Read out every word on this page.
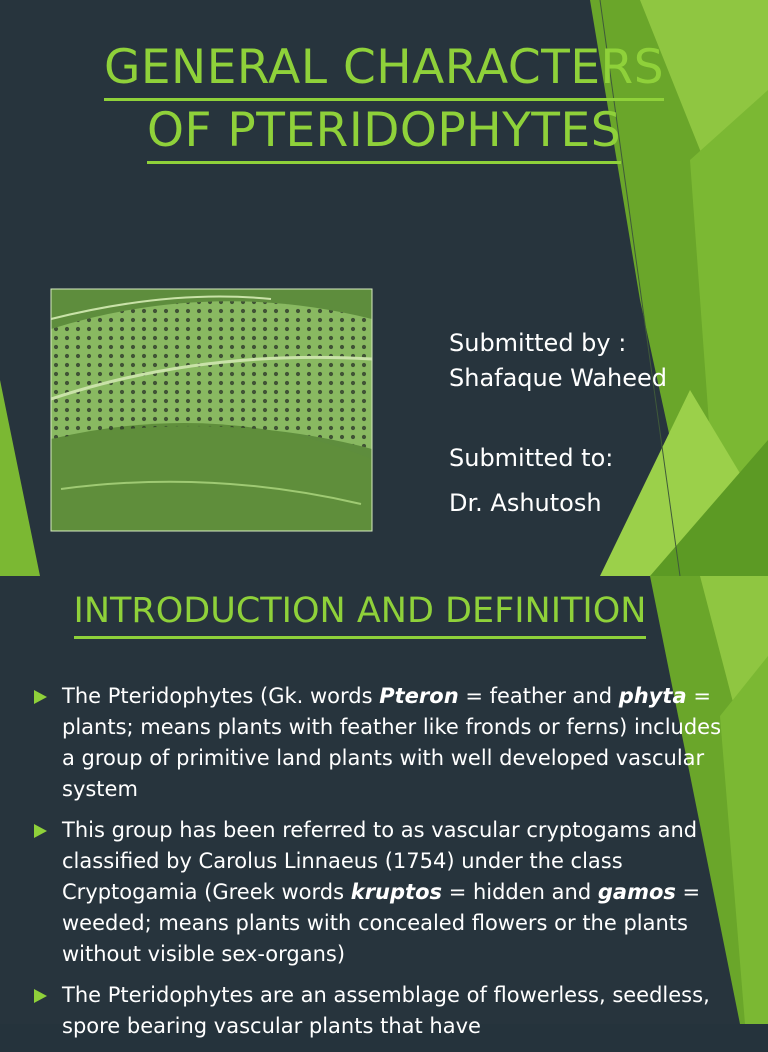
GENERAL CHARACTERS
OF PTERIDOPHYTES
Submitted by :
Shafaque Waheed
Submitted to:
Dr. Ashutosh
INTRODUCTION AND DEFINITION
The Pteridophytes (Gk. words Pteron = feather and phyta = plants; means plants with feather like fronds or ferns) includes a group of primitive land plants with well developed vascular system
This group has been referred to as vascular cryptogams and classified by Carolus Linnaeus (1754) under the class Cryptogamia (Greek words kruptos = hidden and gamos = weeded; means plants with concealed flowers or the plants without visible sex-organs)
The Pteridophytes are an assemblage of flowerless, seedless, spore bearing vascular plants that have
